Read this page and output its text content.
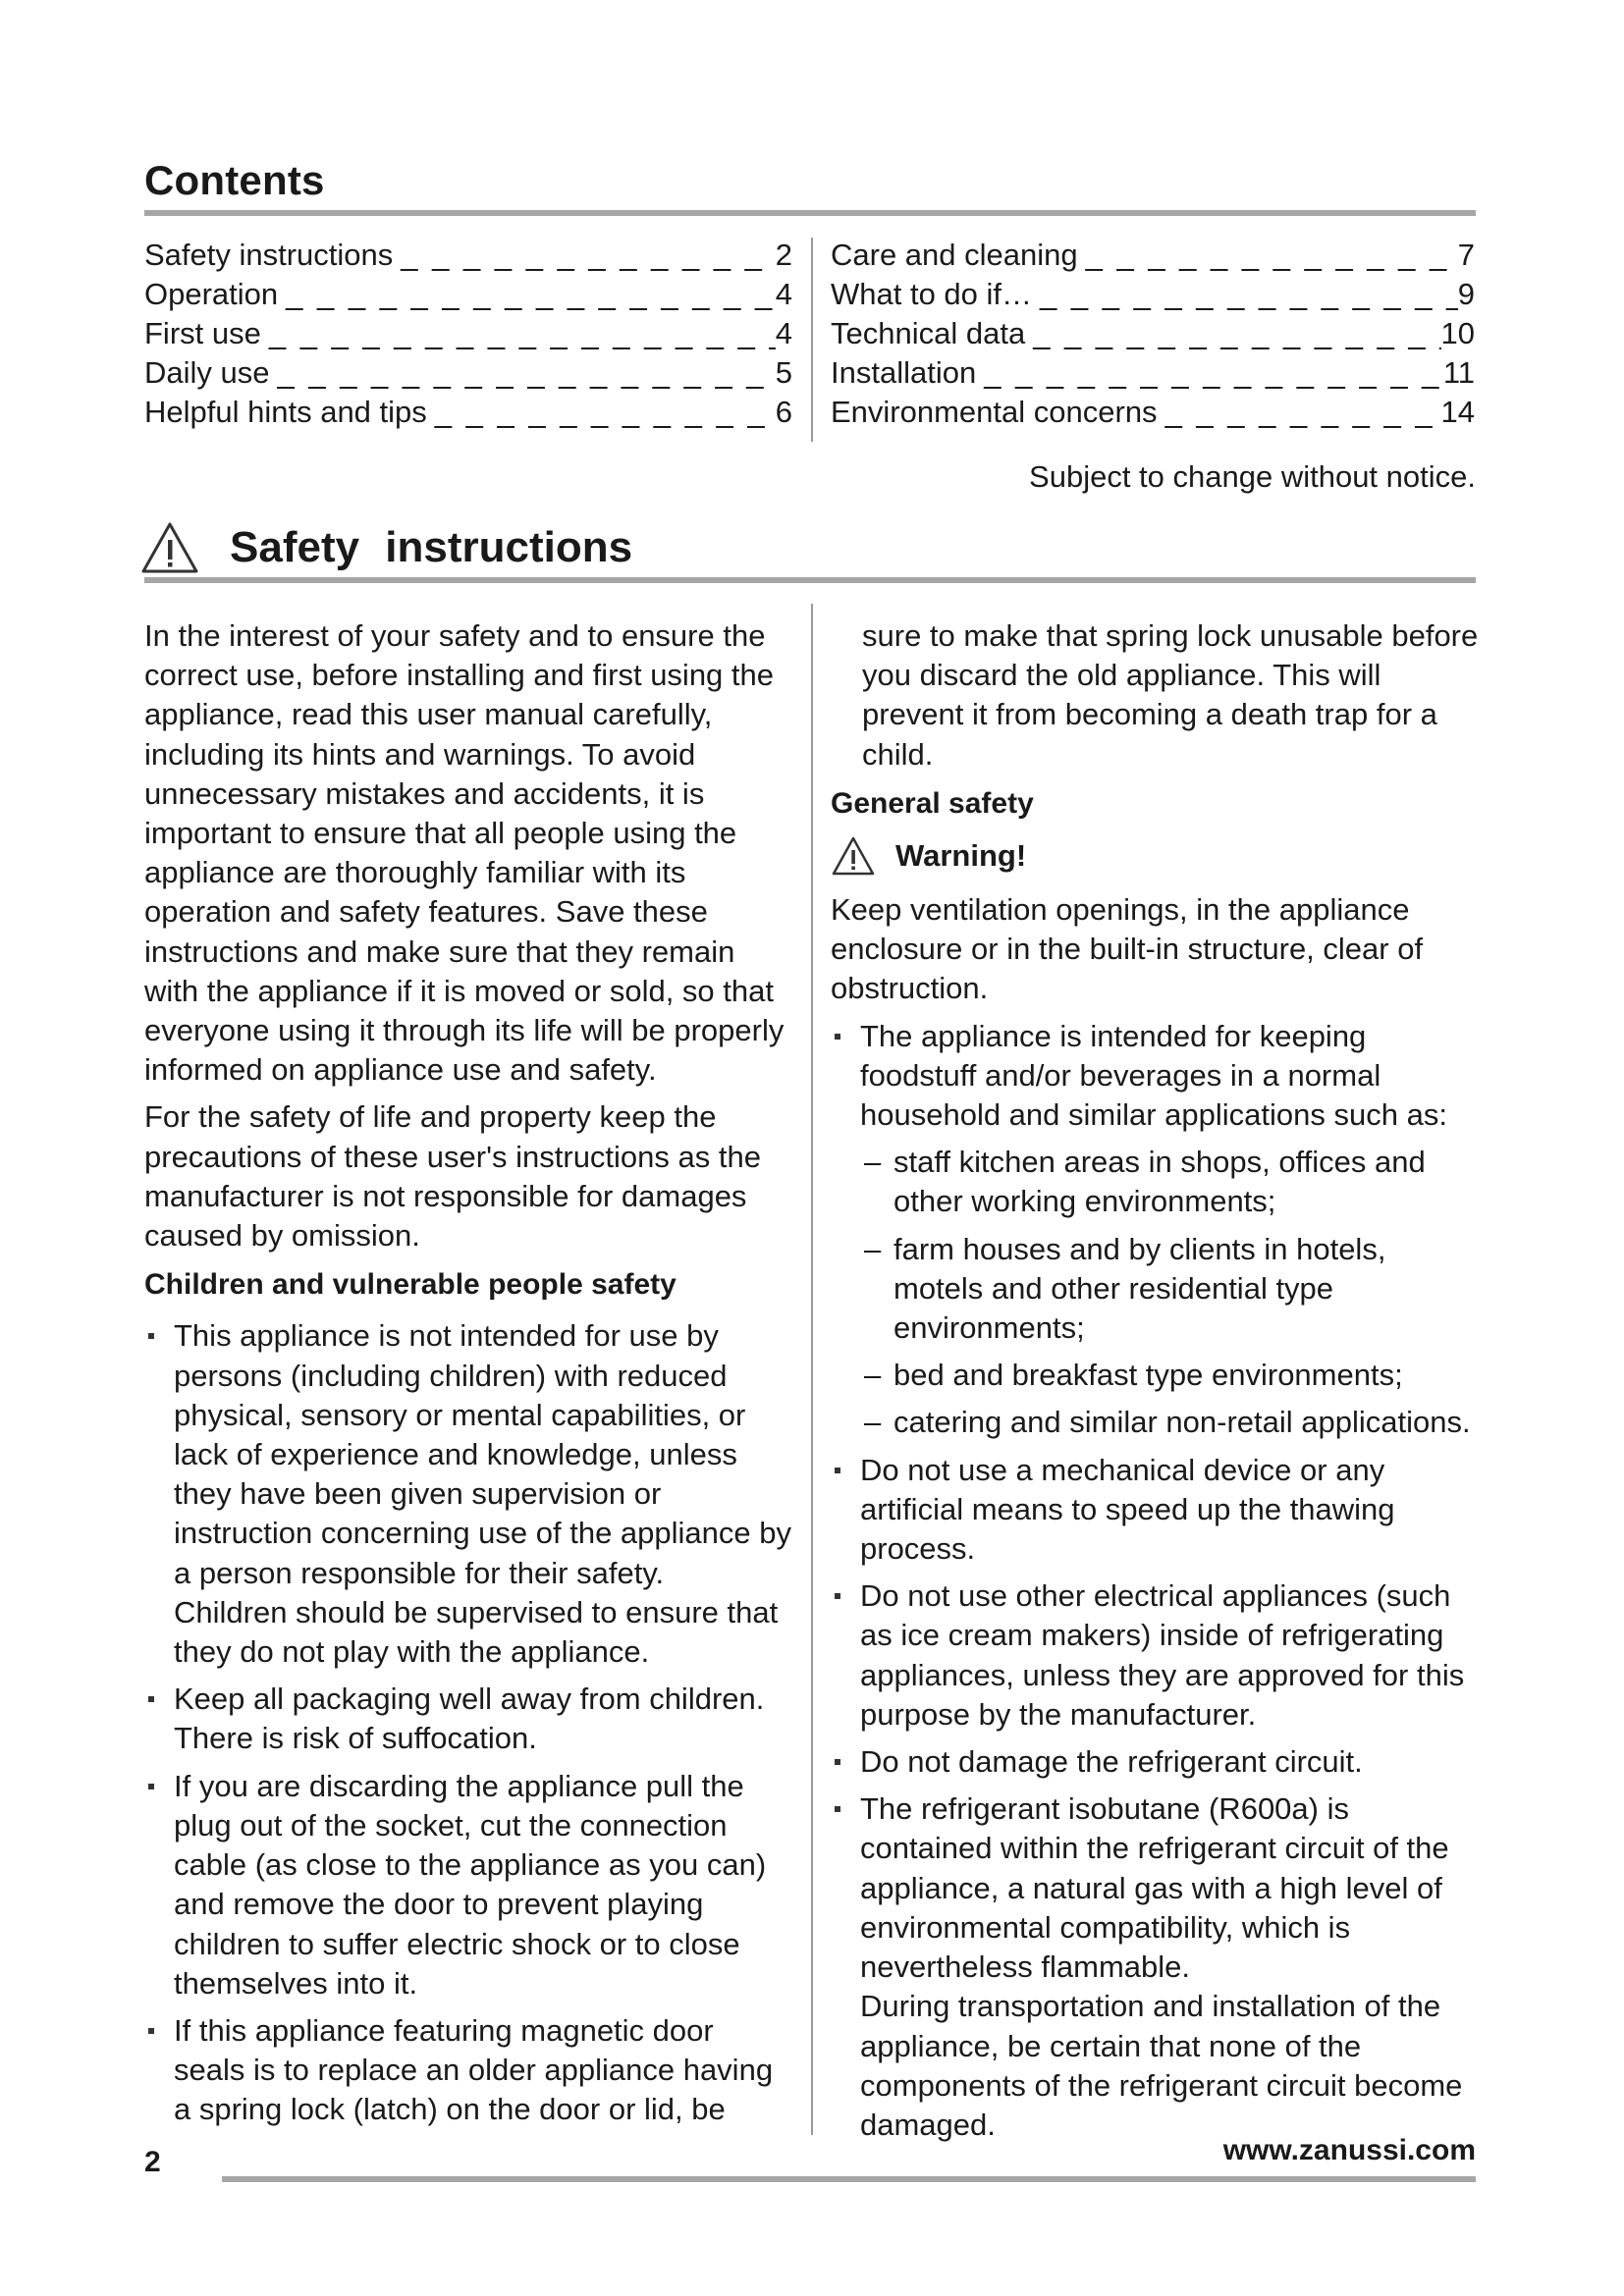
Contents
Safety instructions _ _ _	2
Operation _ _ _	4
First use _ _ _	4
Daily use _ _ _	5
Helpful hints and tips _ _ _	6
Care and cleaning _ _ _	7
What to do if… _ _ _	9
Technical data _ _ _	10
Installation _ _ _	11
Environmental concerns _ _ _	14
Subject to change without notice.
Safety instructions

In the interest of your safety and to ensure the correct use, before installing and first using the appliance, read this user manual carefully, including its hints and warnings. To avoid unnecessary mistakes and accidents, it is important to ensure that all people using the appliance are thoroughly familiar with its operation and safety features. Save these instructions and make sure that they remain with the appliance if it is moved or sold, so that everyone using it through its life will be properly informed on appliance use and safety.

For the safety of life and property keep the precautions of these user's instructions as the manufacturer is not responsible for damages caused by omission.

Children and vulnerable people safety
This appliance is not intended for use by persons (including children) with reduced physical, sensory or mental capabilities, or lack of experience and knowledge, unless they have been given supervision or instruction concerning use of the appliance by a person responsible for their safety.
Children should be supervised to ensure that they do not play with the appliance.
Keep all packaging well away from children. There is risk of suffocation.
If you are discarding the appliance pull the plug out of the socket, cut the connection cable (as close to the appliance as you can) and remove the door to prevent playing children to suffer electric shock or to close themselves into it.
If this appliance featuring magnetic door seals is to replace an older appliance having a spring lock (latch) on the door or lid, be

sure to make that spring lock unusable before you discard the old appliance. This will prevent it from becoming a death trap for a child.

General safety
Warning!

Keep ventilation openings, in the appliance enclosure or in the built-in structure, clear of obstruction.

The appliance is intended for keeping foodstuff and/or beverages in a normal household and similar applications such as:
– staff kitchen areas in shops, offices and other working environments;
– farm houses and by clients in hotels, motels and other residential type environments;
– bed and breakfast type environments;
– catering and similar non-retail applications.
Do not use a mechanical device or any artificial means to speed up the thawing process.
Do not use other electrical appliances (such as ice cream makers) inside of refrigerating appliances, unless they are approved for this purpose by the manufacturer.
Do not damage the refrigerant circuit.
The refrigerant isobutane (R600a) is contained within the refrigerant circuit of the appliance, a natural gas with a high level of environmental compatibility, which is nevertheless flammable.
During transportation and installation of the appliance, be certain that none of the components of the refrigerant circuit become damaged.
2	www.zanussi.com
